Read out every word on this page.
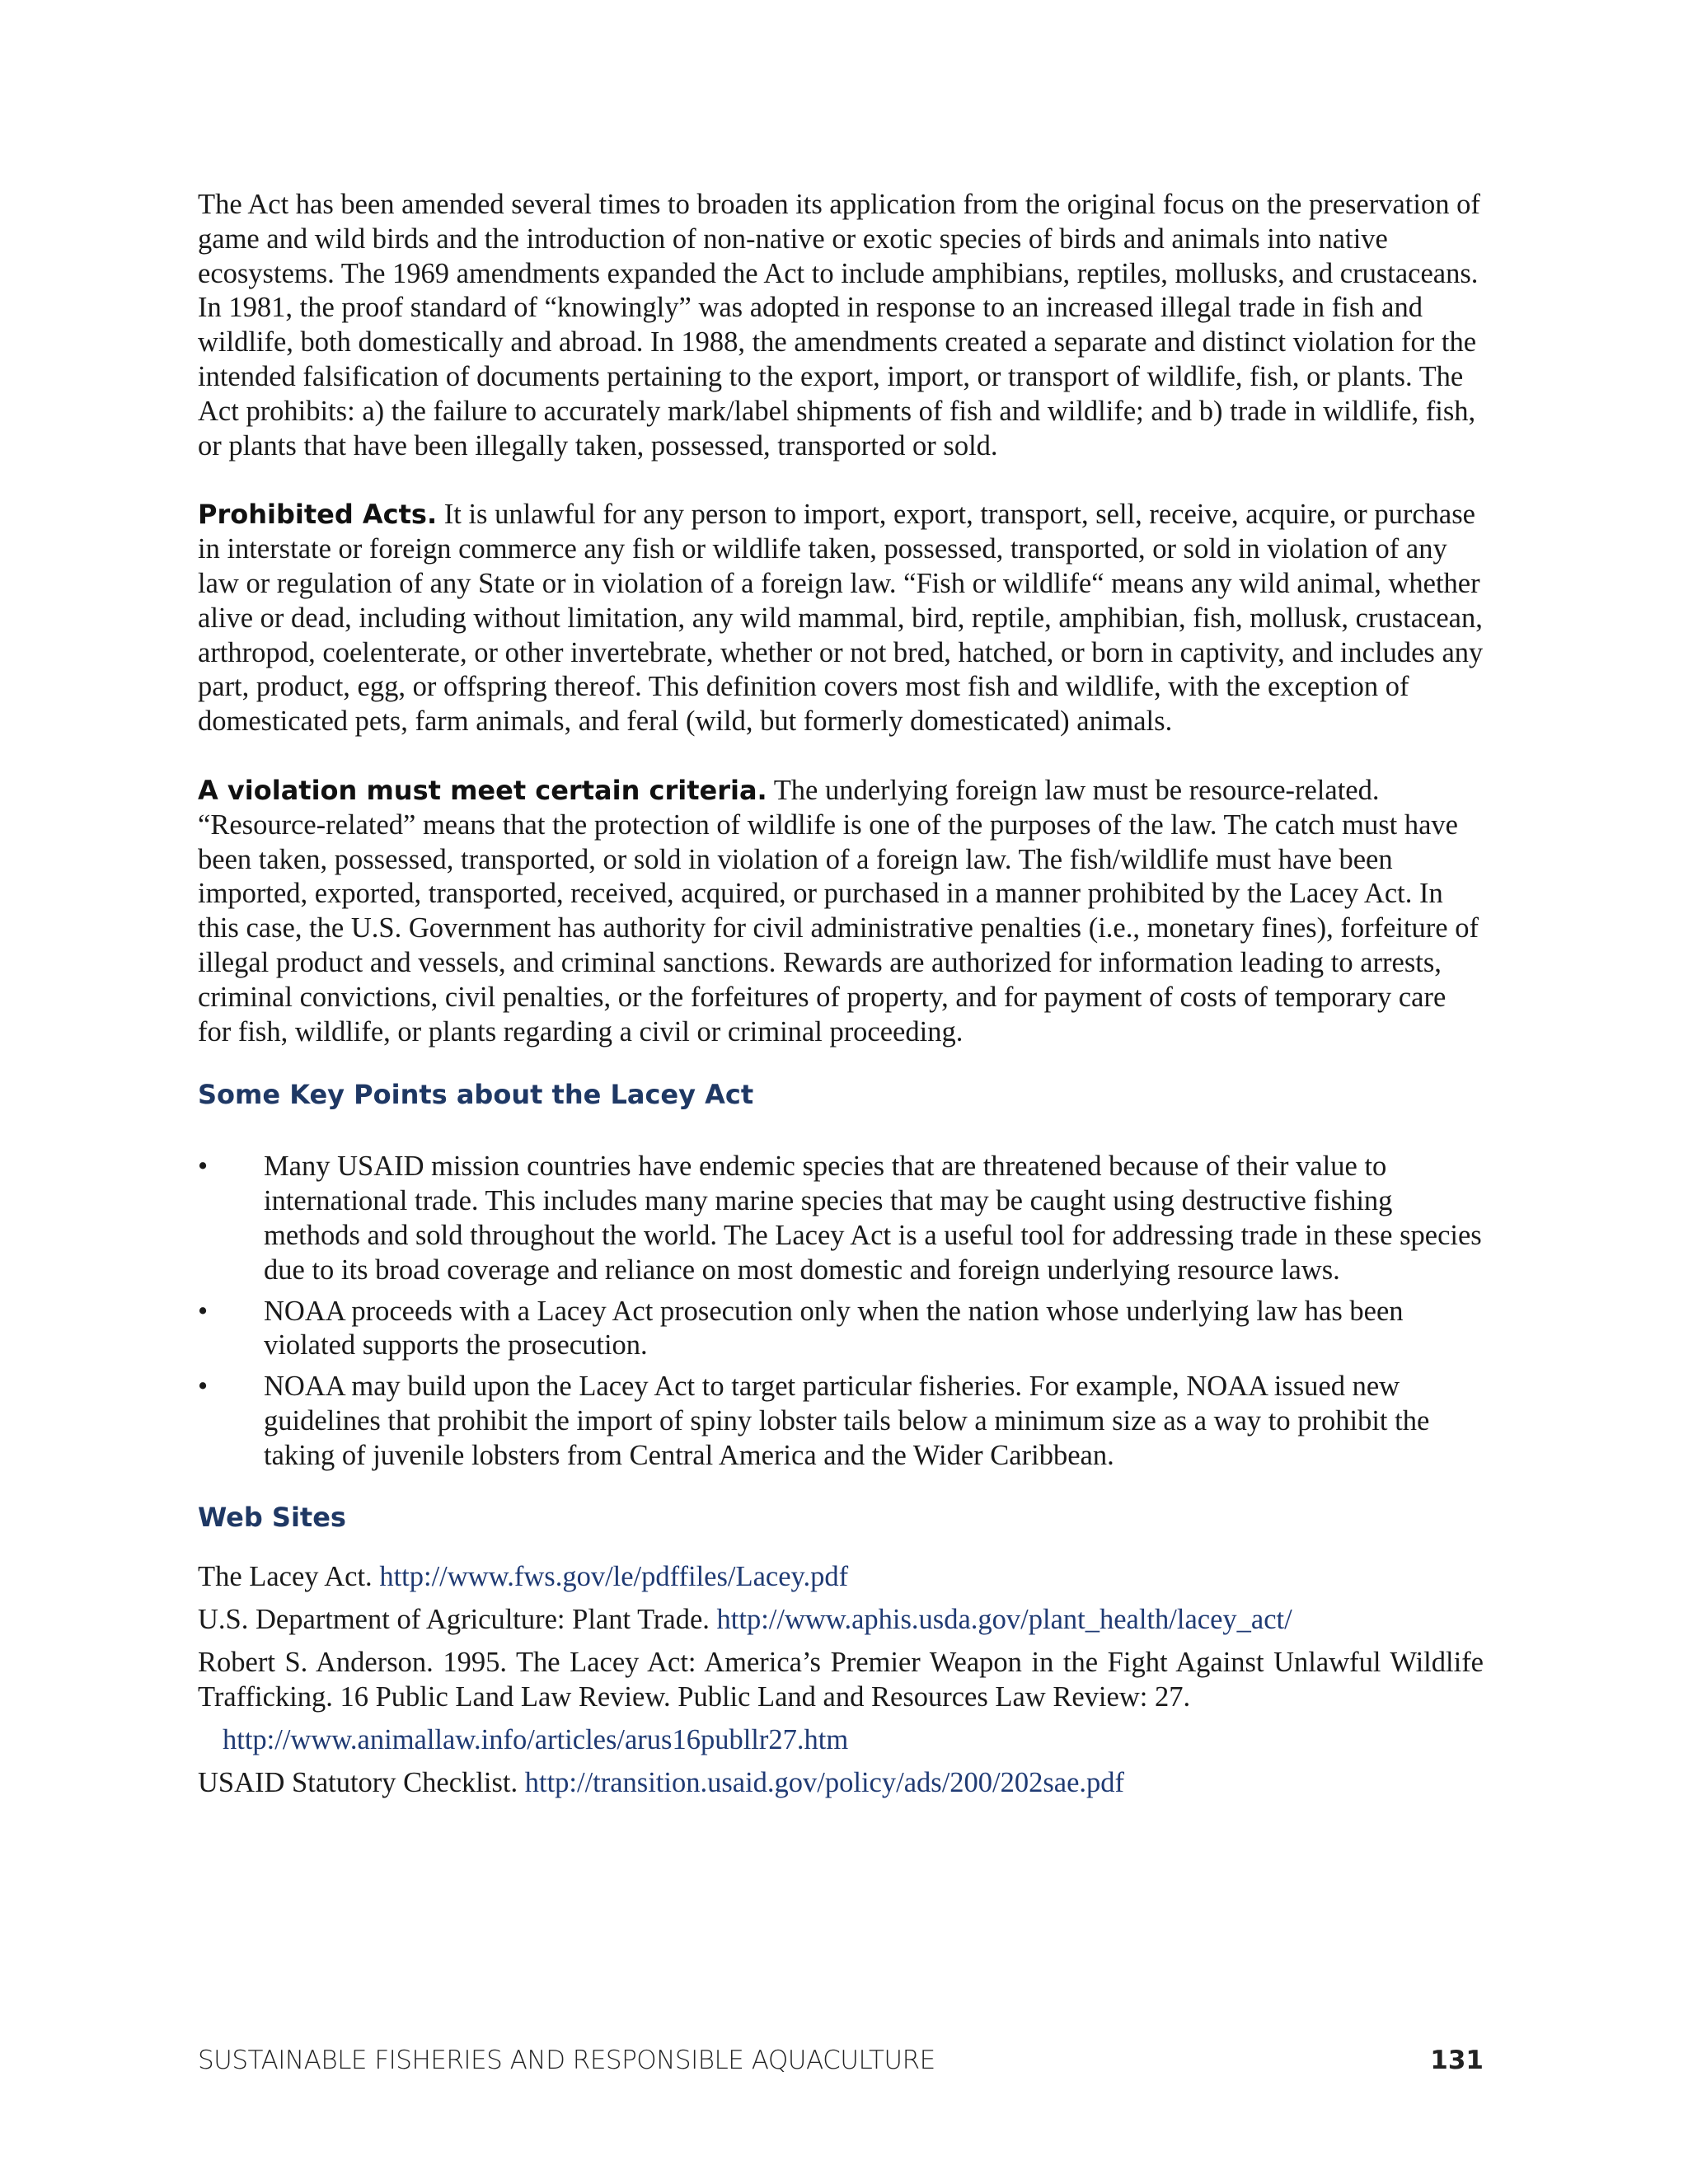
The Act has been amended several times to broaden its application from the original focus on the preservation of game and wild birds and the introduction of non-native or exotic species of birds and animals into native ecosystems. The 1969 amendments expanded the Act to include amphibians, reptiles, mollusks, and crustaceans. In 1981, the proof standard of “knowingly” was adopted in response to an increased illegal trade in fish and wildlife, both domestically and abroad. In 1988, the amendments created a separate and distinct violation for the intended falsification of documents pertaining to the export, import, or transport of wildlife, fish, or plants. The Act prohibits: a) the failure to accurately mark/label shipments of fish and wildlife; and b) trade in wildlife, fish, or plants that have been illegally taken, possessed, transported or sold.

Prohibited Acts. It is unlawful for any person to import, export, transport, sell, receive, acquire, or purchase in interstate or foreign commerce any fish or wildlife taken, possessed, transported, or sold in violation of any law or regulation of any State or in violation of a foreign law. “Fish or wildlife“ means any wild animal, whether alive or dead, including without limitation, any wild mammal, bird, reptile, amphibian, fish, mollusk, crustacean, arthropod, coelenterate, or other invertebrate, whether or not bred, hatched, or born in captivity, and includes any part, product, egg, or offspring thereof. This definition covers most fish and wildlife, with the exception of domesticated pets, farm animals, and feral (wild, but formerly domesticated) animals.

A violation must meet certain criteria. The underlying foreign law must be resource-related. “Resource-related” means that the protection of wildlife is one of the purposes of the law. The catch must have been taken, possessed, transported, or sold in violation of a foreign law. The fish/wildlife must have been imported, exported, transported, received, acquired, or purchased in a manner prohibited by the Lacey Act. In this case, the U.S. Government has authority for civil administrative penalties (i.e., monetary fines), forfeiture of illegal product and vessels, and criminal sanctions. Rewards are authorized for information leading to arrests, criminal convictions, civil penalties, or the forfeitures of property, and for payment of costs of temporary care for fish, wildlife, or plants regarding a civil or criminal proceeding.

Some Key Points about the Lacey Act
• Many USAID mission countries have endemic species that are threatened because of their value to international trade. This includes many marine species that may be caught using destructive fishing methods and sold throughout the world. The Lacey Act is a useful tool for addressing trade in these species due to its broad coverage and reliance on most domestic and foreign underlying resource laws.
• NOAA proceeds with a Lacey Act prosecution only when the nation whose underlying law has been violated supports the prosecution.
• NOAA may build upon the Lacey Act to target particular fisheries. For example, NOAA issued new guidelines that prohibit the import of spiny lobster tails below a minimum size as a way to prohibit the taking of juvenile lobsters from Central America and the Wider Caribbean.
Web Sites
The Lacey Act. http://www.fws.gov/le/pdffiles/Lacey.pdf
U.S. Department of Agriculture: Plant Trade. http://www.aphis.usda.gov/plant_health/lacey_act/
Robert S. Anderson. 1995. The Lacey Act: America’s Premier Weapon in the Fight Against Unlawful Wildlife Trafficking. 16 Public Land Law Review. Public Land and Resources Law Review: 27.
http://www.animallaw.info/articles/arus16publlr27.htm
USAID Statutory Checklist. http://transition.usaid.gov/policy/ads/200/202sae.pdf
SUSTAINABLE FISHERIES AND RESPONSIBLE AQUACULTURE	131
